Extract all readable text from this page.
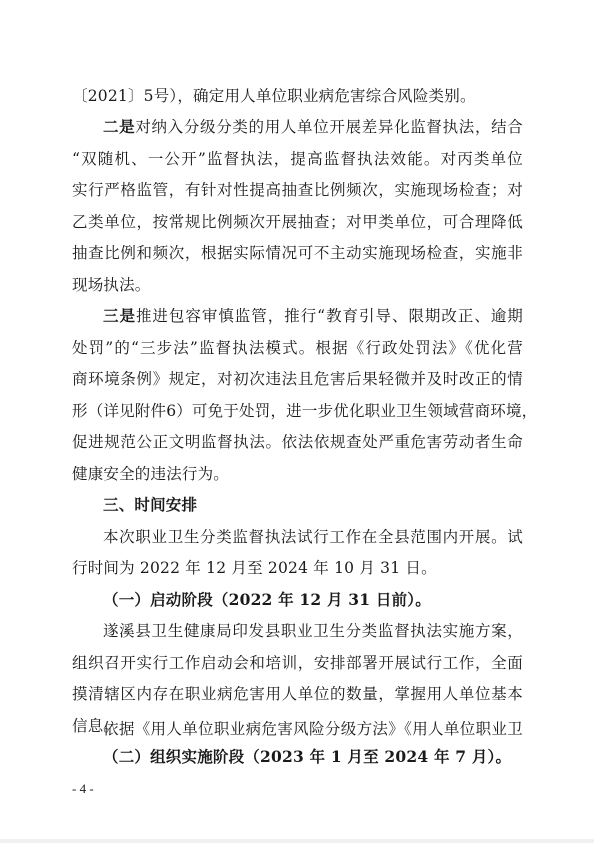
〔2021〕5号），确定用人单位职业病危害综合风险类别。
二是对纳入分级分类的用人单位开展差异化监督执法，结合
“双随机、一公开”监督执法，提高监督执法效能。对丙类单位
实行严格监管，有针对性提高抽查比例频次，实施现场检查；对
乙类单位，按常规比例频次开展抽查；对甲类单位，可合理降低
抽查比例和频次，根据实际情况可不主动实施现场检查，实施非
现场执法。
三是推进包容审慎监管，推行“教育引导、限期改正、逾期
处罚”的“三步法”监督执法模式。根据《行政处罚法》《优化营
商环境条例》规定，对初次违法且危害后果轻微并及时改正的情
形（详见附件6）可免于处罚，进一步优化职业卫生领域营商环境，
促进规范公正文明监督执法。依法依规查处严重危害劳动者生命
健康安全的违法行为。
三、时间安排
本次职业卫生分类监督执法试行工作在全县范围内开展。试
行时间为 2022 年 12 月至 2024 年 10 月 31 日。
（一）启动阶段（2022 年 12 月 31 日前）。
遂溪县卫生健康局印发县职业卫生分类监督执法实施方案，
组织召开实行工作启动会和培训，安排部署开展试行工作，全面
摸清辖区内存在职业病危害用人单位的数量，掌握用人单位基本
信息。
（二）组织实施阶段（2023 年 1 月至 2024 年 7 月）。
依据《用人单位职业病危害风险分级方法》《用人单位职业卫
- 4 -
